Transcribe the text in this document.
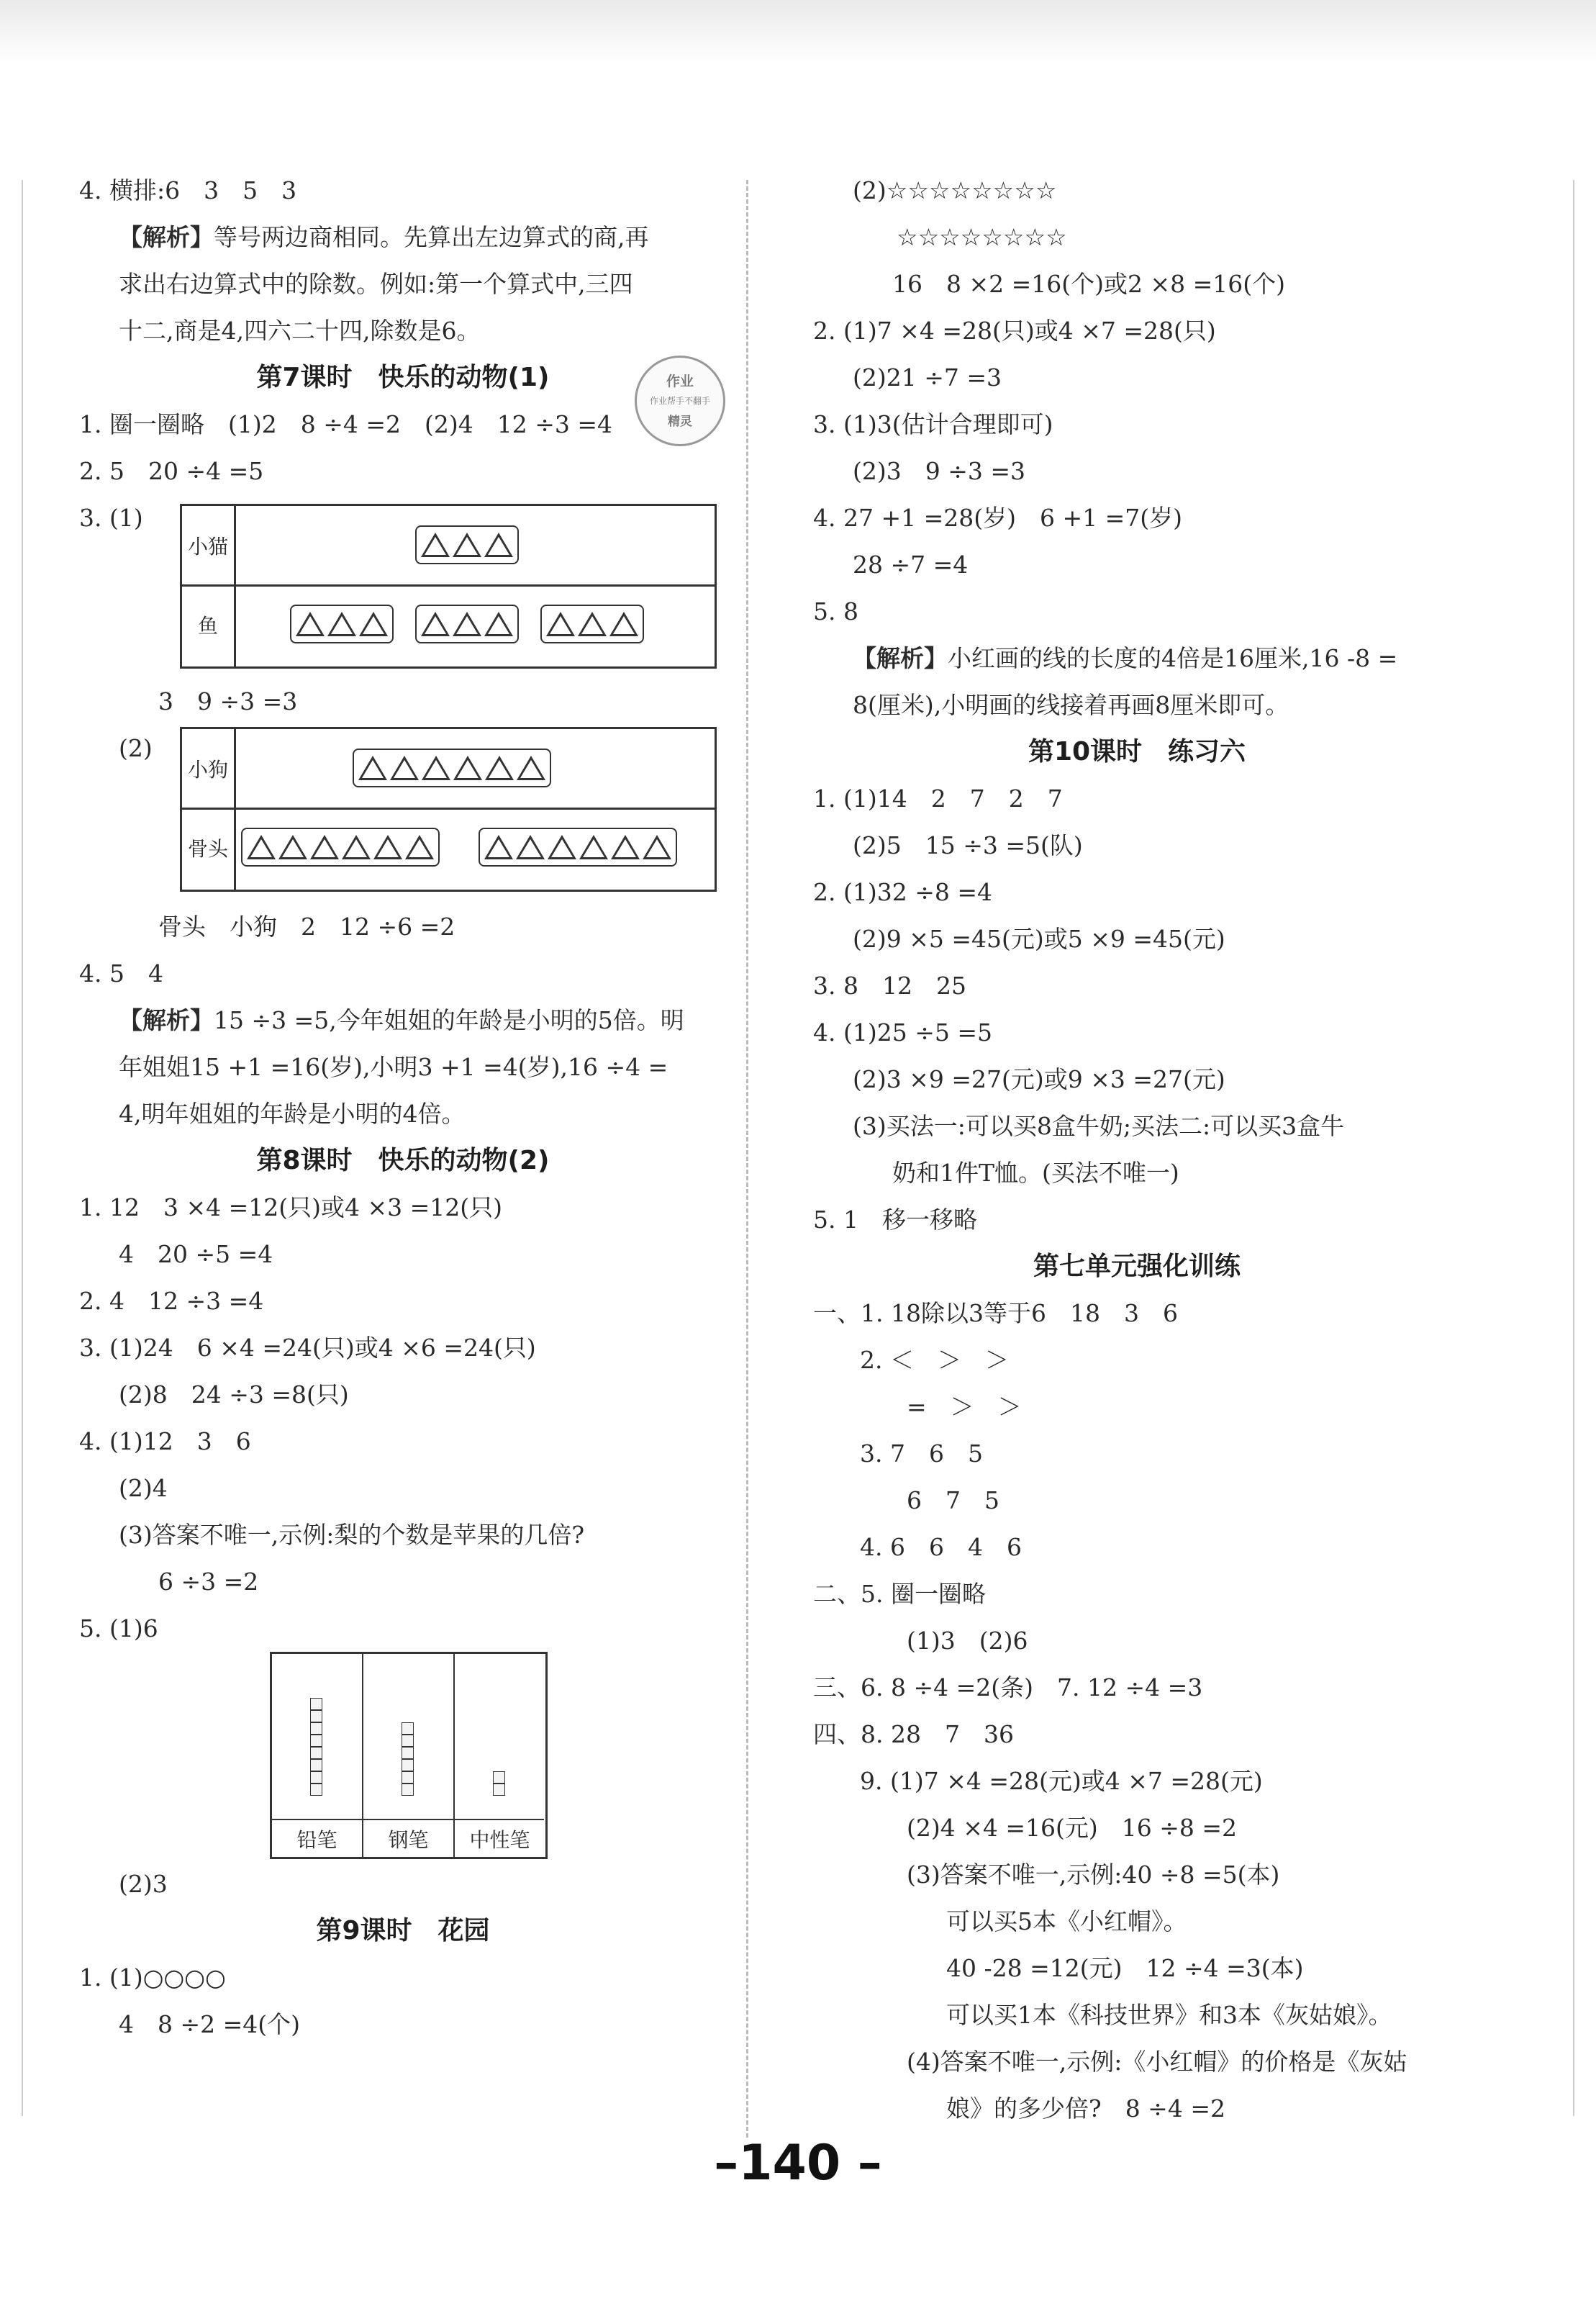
作业
作业帮手不翻手
精灵
4. 横排:6　3　5　3
【解析】等号两边商相同。先算出左边算式的商,再
求出右边算式中的除数。例如:第一个算式中,三四
十二,商是4,四六二十四,除数是6。
第7课时　快乐的动物(1)
1. 圈一圈略　(1)2　8 ÷4 =2　(2)4　12 ÷3 =4
2. 5　20 ÷4 =5
3. (1)
小猫
鱼
3　9 ÷3 =3
(2)
小狗
骨头
骨头　小狗　2　12 ÷6 =2
4. 5　4
【解析】15 ÷3 =5,今年姐姐的年龄是小明的5倍。明
年姐姐15 +1 =16(岁),小明3 +1 =4(岁),16 ÷4 =
4,明年姐姐的年龄是小明的4倍。
第8课时　快乐的动物(2)
1. 12　3 ×4 =12(只)或4 ×3 =12(只)
4　20 ÷5 =4
2. 4　12 ÷3 =4
3. (1)24　6 ×4 =24(只)或4 ×6 =24(只)
(2)8　24 ÷3 =8(只)
4. (1)12　3　6
(2)4
(3)答案不唯一,示例:梨的个数是苹果的几倍?
6 ÷3 =2
5. (1)6
铅笔	钢笔	中性笔
(2)3
第9课时　花园
1. (1)○○○○
4　8 ÷2 =4(个)
(2)☆☆☆☆☆☆☆☆
☆☆☆☆☆☆☆☆
16　8 ×2 =16(个)或2 ×8 =16(个)
2. (1)7 ×4 =28(只)或4 ×7 =28(只)
(2)21 ÷7 =3
3. (1)3(估计合理即可)
(2)3　9 ÷3 =3
4. 27 +1 =28(岁)　6 +1 =7(岁)
28 ÷7 =4
5. 8
【解析】小红画的线的长度的4倍是16厘米,16 -8 =
8(厘米),小明画的线接着再画8厘米即可。
第10课时　练习六
1. (1)14　2　7　2　7
(2)5　15 ÷3 =5(队)
2. (1)32 ÷8 =4
(2)9 ×5 =45(元)或5 ×9 =45(元)
3. 8　12　25
4. (1)25 ÷5 =5
(2)3 ×9 =27(元)或9 ×3 =27(元)
(3)买法一:可以买8盒牛奶;买法二:可以买3盒牛
奶和1件T恤。(买法不唯一)
5. 1　移一移略
第七单元强化训练
一、1. 18除以3等于6　18　3　6
2. ＜　＞　＞
=　＞　＞
3. 7　6　5
6　7　5
4. 6　6　4　6
二、5. 圈一圈略
(1)3　(2)6
三、6. 8 ÷4 =2(条)　7. 12 ÷4 =3
四、8. 28　7　36
9. (1)7 ×4 =28(元)或4 ×7 =28(元)
(2)4 ×4 =16(元)　16 ÷8 =2
(3)答案不唯一,示例:40 ÷8 =5(本)
可以买5本《小红帽》。
40 -28 =12(元)　12 ÷4 =3(本)
可以买1本《科技世界》和3本《灰姑娘》。
(4)答案不唯一,示例:《小红帽》的价格是《灰姑
娘》的多少倍?　8 ÷4 =2
–140 –
